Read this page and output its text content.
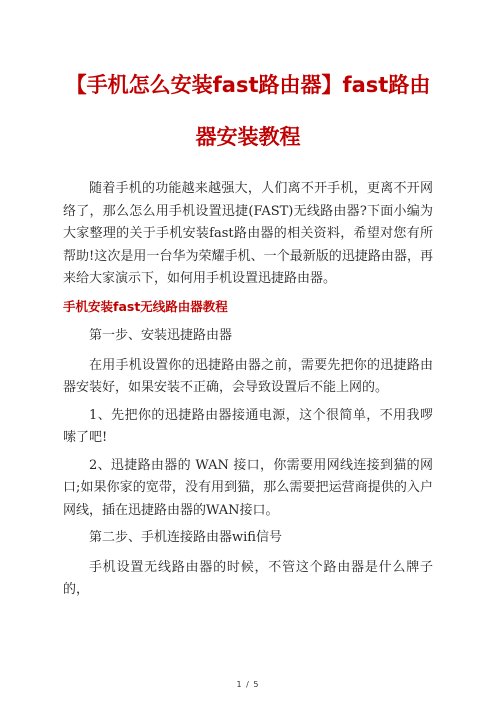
【手机怎么安装fast路由器】fast路由
器安装教程

随着手机的功能越来越强大，人们离不开手机，更离不开网络了，那么怎么用手机设置迅捷(FAST)无线路由器?下面小编为大家整理的关于手机安装fast路由器的相关资料，希望对您有所帮助!这次是用一台华为荣耀手机、一个最新版的迅捷路由器，再来给大家演示下，如何用手机设置迅捷路由器。

手机安装fast无线路由器教程

第一步、安装迅捷路由器

在用手机设置你的迅捷路由器之前，需要先把你的迅捷路由器安装好，如果安装不正确，会导致设置后不能上网的。

1、先把你的迅捷路由器接通电源，这个很简单，不用我啰嗦了吧!

2、迅捷路由器的 WAN 接口，你需要用网线连接到猫的网口;如果你家的宽带，没有用到猫，那么需要把运营商提供的入户网线，插在迅捷路由器的WAN接口。

第二步、手机连接路由器wifi信号

手机设置无线路由器的时候，不管这个路由器是什么牌子的，

1 / 5
